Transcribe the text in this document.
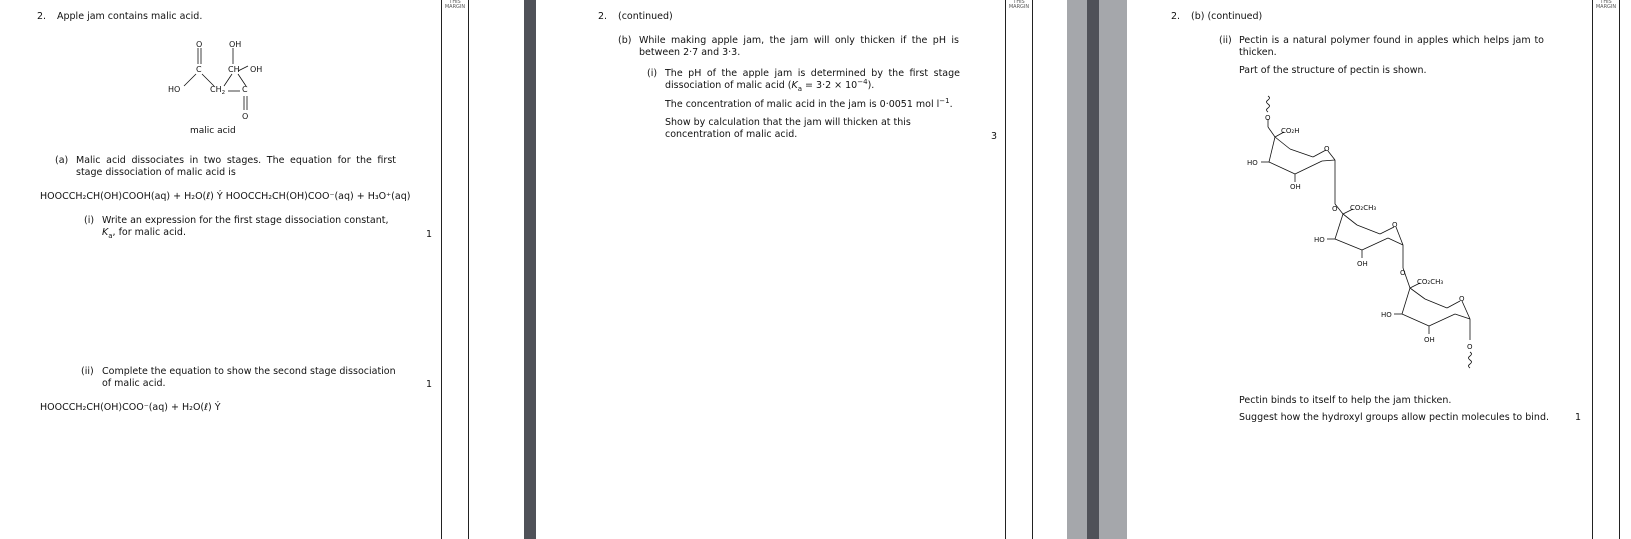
2. Apple jam contains malic acid.
O	OH
C	CH OH
HO	$CH_2$ C
O
malic acid
(a) Malic acid dissociates in two stages. The equation for the first stage dissociation of malic acid is
HOOCCH₂CH(OH)COOH(aq) + H₂O(ℓ) Ý HOOCCH₂CH(OH)COO⁻(aq) + H₃O⁺(aq)
(i) Write an expression for the first stage dissociation constant, $K_a$, for malic acid.	1
(ii) Complete the equation to show the second stage dissociation of malic acid.	1
HOOCCH₂CH(OH)COO⁻(aq) + H₂O(ℓ) Ý
THIS
MARGIN
2. (continued)
(b) While making apple jam, the jam will only thicken if the pH is between 2·7 and 3·3.
(i) The pH of the apple jam is determined by the first stage dissociation of malic acid $(K_a = 3\cdot 2 \times 10^{-4})$.
The concentration of malic acid in the jam is 0·0051 mol $l^{-1}$.
Show by calculation that the jam will thicken at this concentration of malic acid.	3
THIS
MARGIN
2. (b) (continued)
(ii) Pectin is a natural polymer found in apples which helps jam to thicken.
Part of the structure of pectin is shown.
O
CO₂H
O
HO
OH
O CO₂CH₃
O
HO
OH
O
CO₂CH₃
O
HO
OH
O
Pectin binds to itself to help the jam thicken.
Suggest how the hydroxyl groups allow pectin molecules to bind.	1
THIS
MARGIN
